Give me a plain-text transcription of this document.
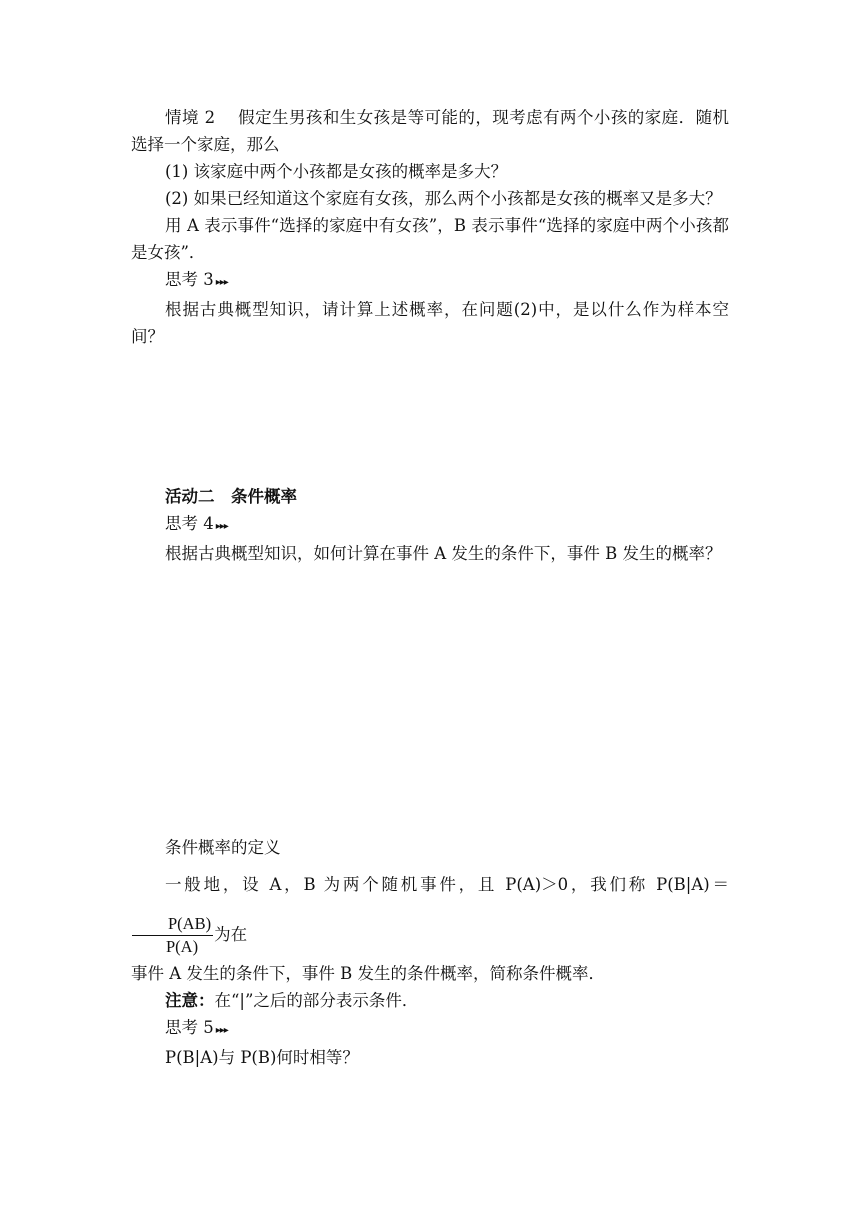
情境 2　 假定生男孩和生女孩是等可能的，现考虑有两个小孩的家庭．随机选择一个家庭，那么

(1) 该家庭中两个小孩都是女孩的概率是多大？

(2) 如果已经知道这个家庭有女孩，那么两个小孩都是女孩的概率又是多大？

用 A 表示事件“选择的家庭中有女孩”，B 表示事件“选择的家庭中两个小孩都是女孩”．

思考 3 ▸▸▸

根据古典概型知识，请计算上述概率，在问题(2)中，是以什么作为样本空间？

活动二　条件概率

思考 4 ▸▸▸

根据古典概型知识，如何计算在事件 A 发生的条件下，事件 B 发生的概率？

条件概率的定义

一般地，设 A，B 为两个随机事件，且 P(A)＞0，我们称 P(B|A)＝
$\frac{P(AB)}{P(A)}$ 为在

事件 A 发生的条件下，事件 B 发生的条件概率，简称条件概率．

注意：在“|”之后的部分表示条件．

思考 5 ▸▸▸

P(B|A)与 P(B)何时相等？
